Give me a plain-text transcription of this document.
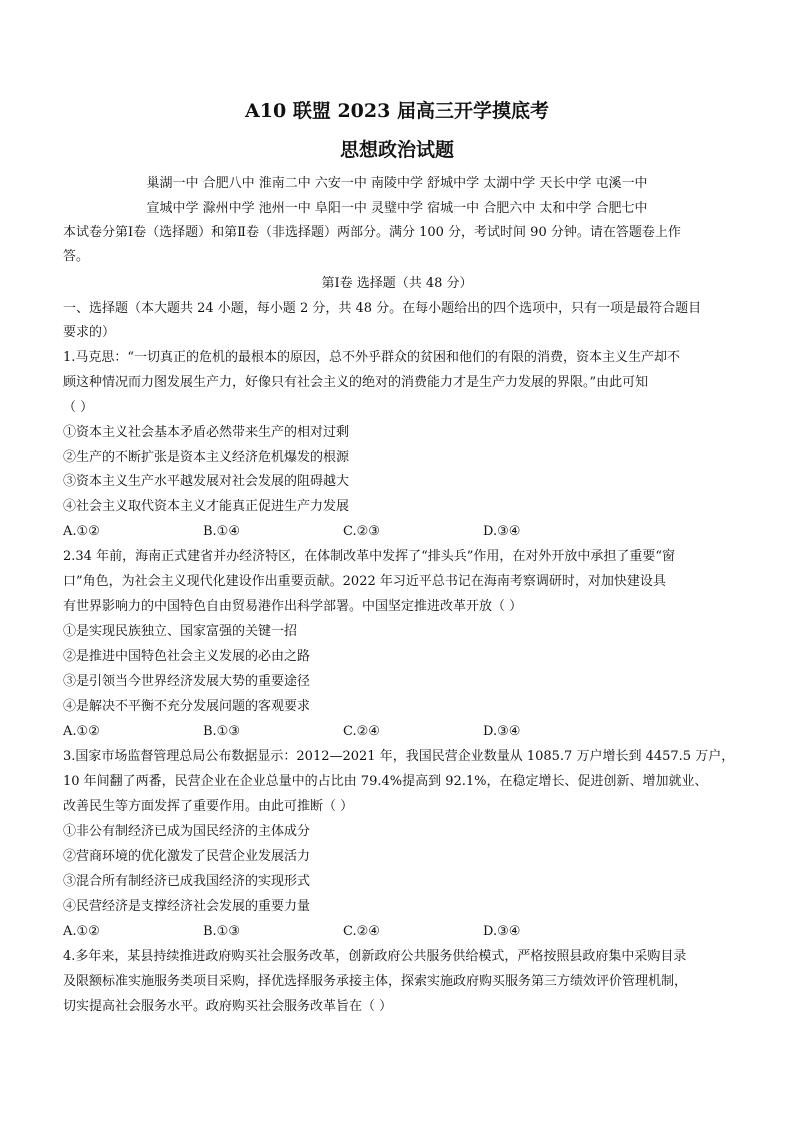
A10 联盟 2023 届高三开学摸底考
思想政治试题
巢湖一中 合肥八中 淮南二中 六安一中 南陵中学 舒城中学 太湖中学 天长中学 屯溪一中
宣城中学 滁州中学 池州一中 阜阳一中 灵璧中学 宿城一中 合肥六中 太和中学 合肥七中
本试卷分第Ⅰ卷（选择题）和第Ⅱ卷（非选择题）两部分。满分 100 分，考试时间 90 分钟。请在答题卷上作
答。
第Ⅰ卷 选择题（共 48 分）
一、选择题（本大题共 24 小题，每小题 2 分，共 48 分。在每小题给出的四个选项中，只有一项是最符合题目
要求的）
1.马克思：“一切真正的危机的最根本的原因，总不外乎群众的贫困和他们的有限的消费，资本主义生产却不
顾这种情况而力图发展生产力，好像只有社会主义的绝对的消费能力才是生产力发展的界限。”由此可知
（ ）
①资本主义社会基本矛盾必然带来生产的相对过剩
②生产的不断扩张是资本主义经济危机爆发的根源
③资本主义生产水平越发展对社会发展的阻碍越大
④社会主义取代资本主义才能真正促进生产力发展
A.①②	B.①④	C.②③	D.③④
2.34 年前，海南正式建省并办经济特区，在体制改革中发挥了“排头兵”作用，在对外开放中承担了重要“窗
口”角色，为社会主义现代化建设作出重要贡献。2022 年习近平总书记在海南考察调研时，对加快建设具
有世界影响力的中国特色自由贸易港作出科学部署。中国坚定推进改革开放（ ）
①是实现民族独立、国家富强的关键一招
②是推进中国特色社会主义发展的必由之路
③是引领当今世界经济发展大势的重要途径
④是解决不平衡不充分发展问题的客观要求
A.①②	B.①③	C.②④	D.③④
3.国家市场监督管理总局公布数据显示：2012—2021 年，我国民营企业数量从 1085.7 万户增长到 4457.5 万户，
10 年间翻了两番，民营企业在企业总量中的占比由 79.4%提高到 92.1%，在稳定增长、促进创新、增加就业、
改善民生等方面发挥了重要作用。由此可推断（ ）
①非公有制经济已成为国民经济的主体成分
②营商环境的优化激发了民营企业发展活力
③混合所有制经济已成我国经济的实现形式
④民营经济是支撑经济社会发展的重要力量
A.①②	B.①③	C.②④	D.③④
4.多年来，某县持续推进政府购买社会服务改革，创新政府公共服务供给模式，严格按照县政府集中采购目录
及限额标准实施服务类项目采购，择优选择服务承接主体，探索实施政府购买服务第三方绩效评价管理机制，
切实提高社会服务水平。政府购买社会服务改革旨在（ ）
